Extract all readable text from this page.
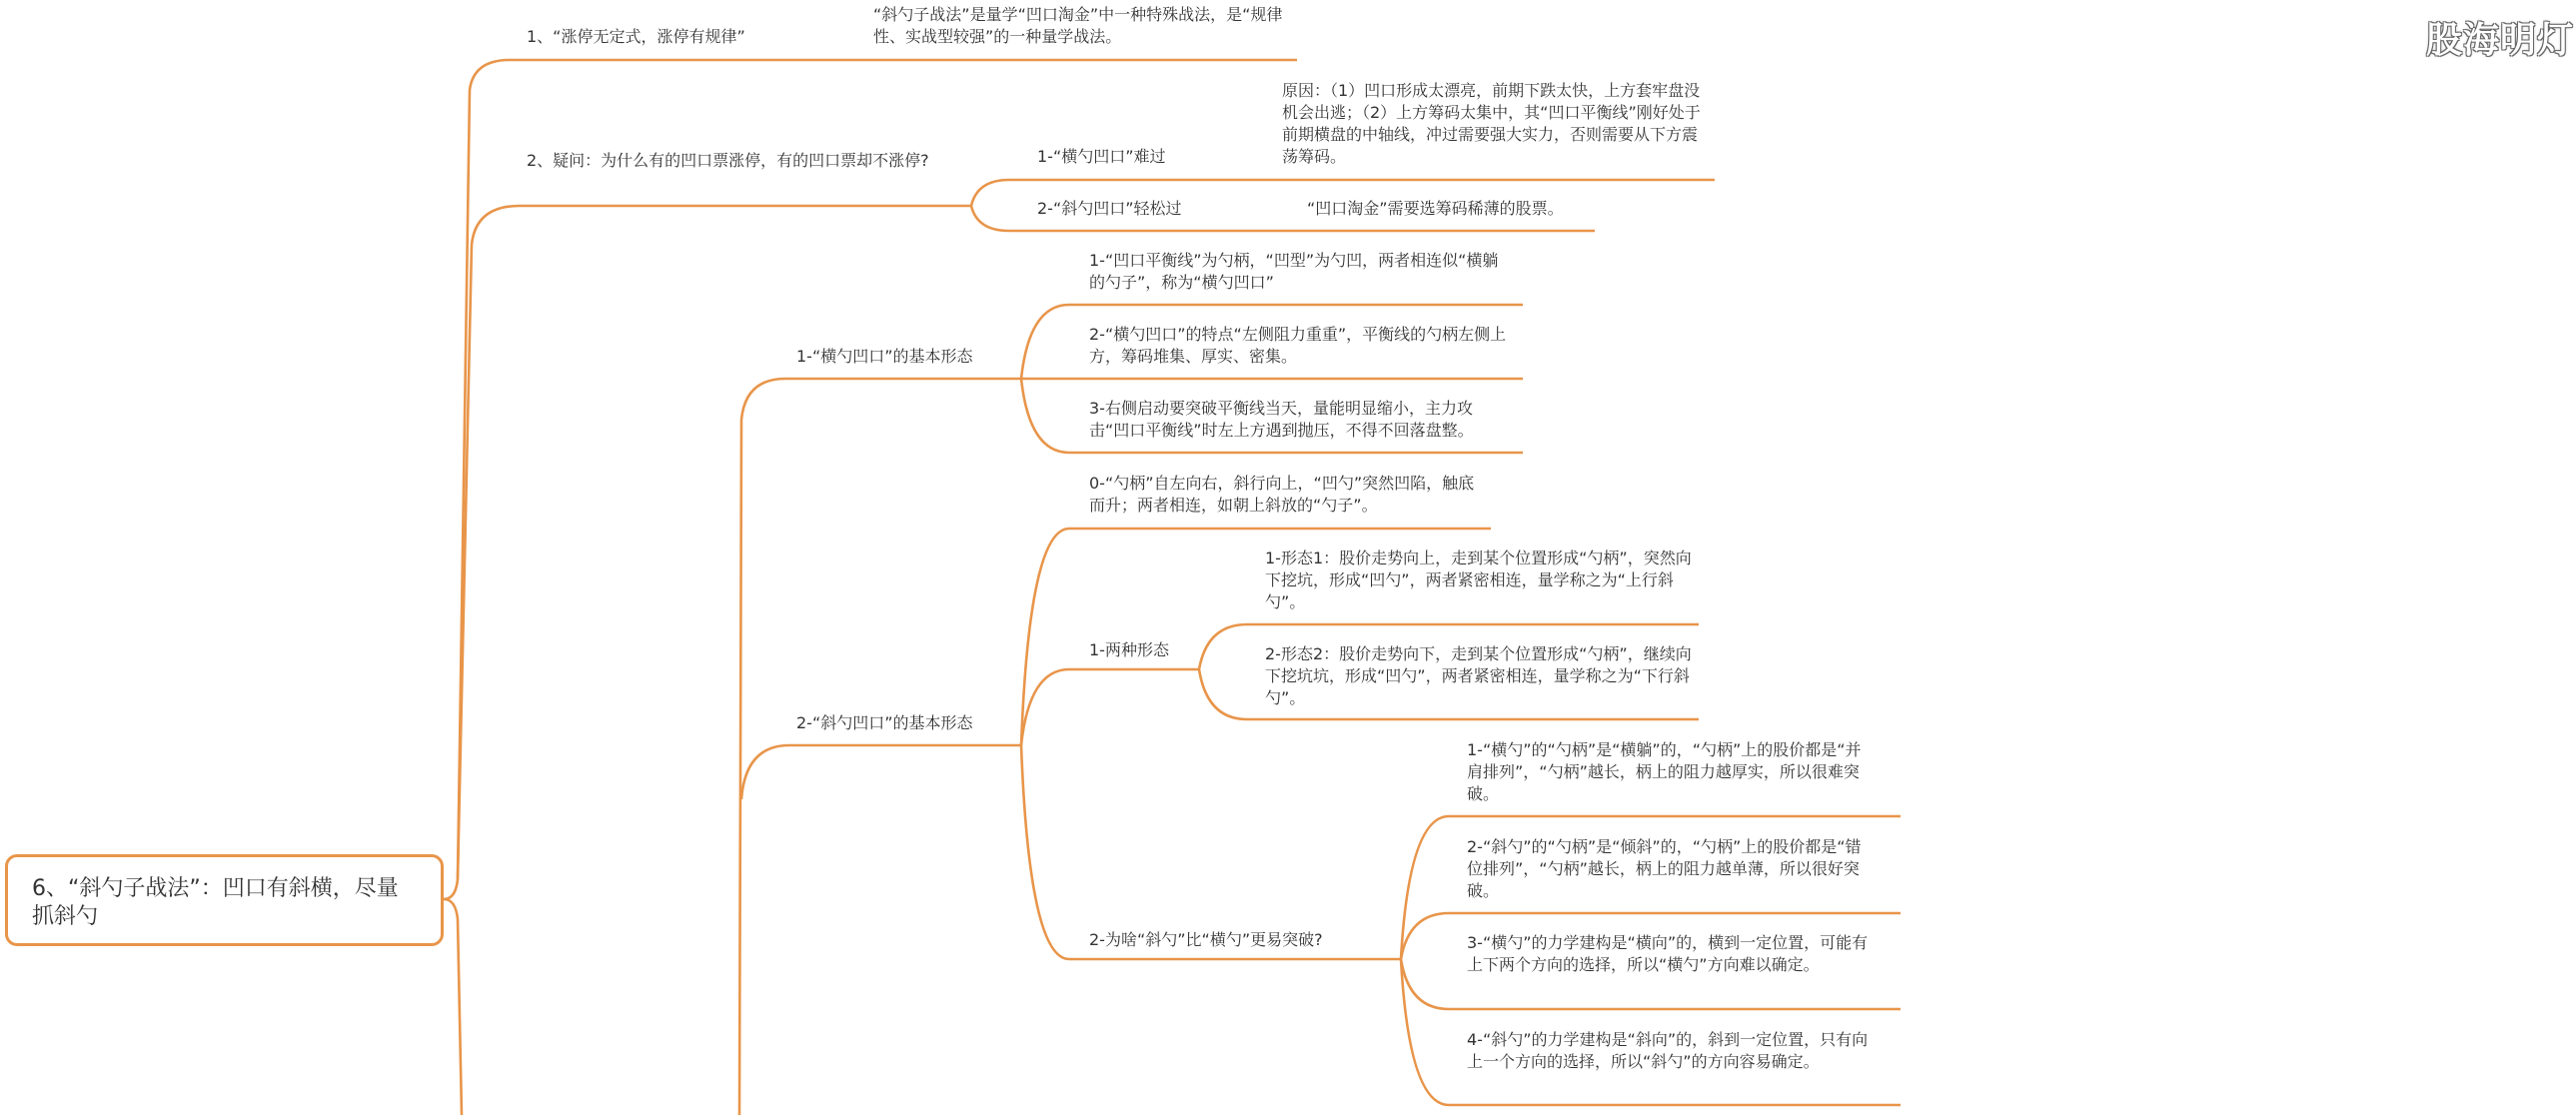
6、“斜勺子战法”：凹口有斜横，尽量抓斜勺
1、“涨停无定式，涨停有规律”
“斜勺子战法”是量学“凹口淘金”中一种特殊战法，是“规律性、实战型较强”的一种量学战法。
2、疑问：为什么有的凹口票涨停，有的凹口票却不涨停?	1-“横勺凹口”难过
原因：（1）凹口形成太漂亮，前期下跌太快，上方套牢盘没机会出逃；（2）上方筹码太集中，其“凹口平衡线”刚好处于前期横盘的中轴线，冲过需要强大实力，否则需要从下方震荡筹码。
2-“斜勺凹口”轻松过	“凹口淘金”需要选筹码稀薄的股票。
1-“横勺凹口”的基本形态
1-“凹口平衡线”为勺柄，“凹型”为勺凹，两者相连似“横躺的勺子”，称为“横勺凹口”
2-“横勺凹口”的特点“左侧阻力重重”，平衡线的勺柄左侧上方，筹码堆集、厚实、密集。
3-右侧启动要突破平衡线当天，量能明显缩小，主力攻击“凹口平衡线”时左上方遇到抛压，不得不回落盘整。
2-“斜勺凹口”的基本形态
0-“勺柄”自左向右，斜行向上，“凹勺”突然凹陷，触底而升；两者相连，如朝上斜放的“勺子”。
1-两种形态
1-形态1：股价走势向上，走到某个位置形成“勺柄”，突然向下挖坑，形成“凹勺”，两者紧密相连，量学称之为“上行斜勺”。
2-形态2：股价走势向下，走到某个位置形成“勺柄”，继续向下挖坑坑，形成“凹勺”，两者紧密相连，量学称之为“下行斜勺”。
2-为啥“斜勺”比“横勺”更易突破?
1-“横勺”的“勺柄”是“横躺”的，“勺柄”上的股价都是“并肩排列”，“勺柄”越长，柄上的阻力越厚实，所以很难突破。
2-“斜勺”的“勺柄”是“倾斜”的，“勺柄”上的股价都是“错位排列”，“勺柄”越长，柄上的阻力越单薄，所以很好突破。
3-“横勺”的力学建构是“横向”的，横到一定位置，可能有上下两个方向的选择，所以“横勺”方向难以确定。
4-“斜勺”的力学建构是“斜向”的，斜到一定位置，只有向上一个方向的选择，所以“斜勺”的方向容易确定。
股海明灯
